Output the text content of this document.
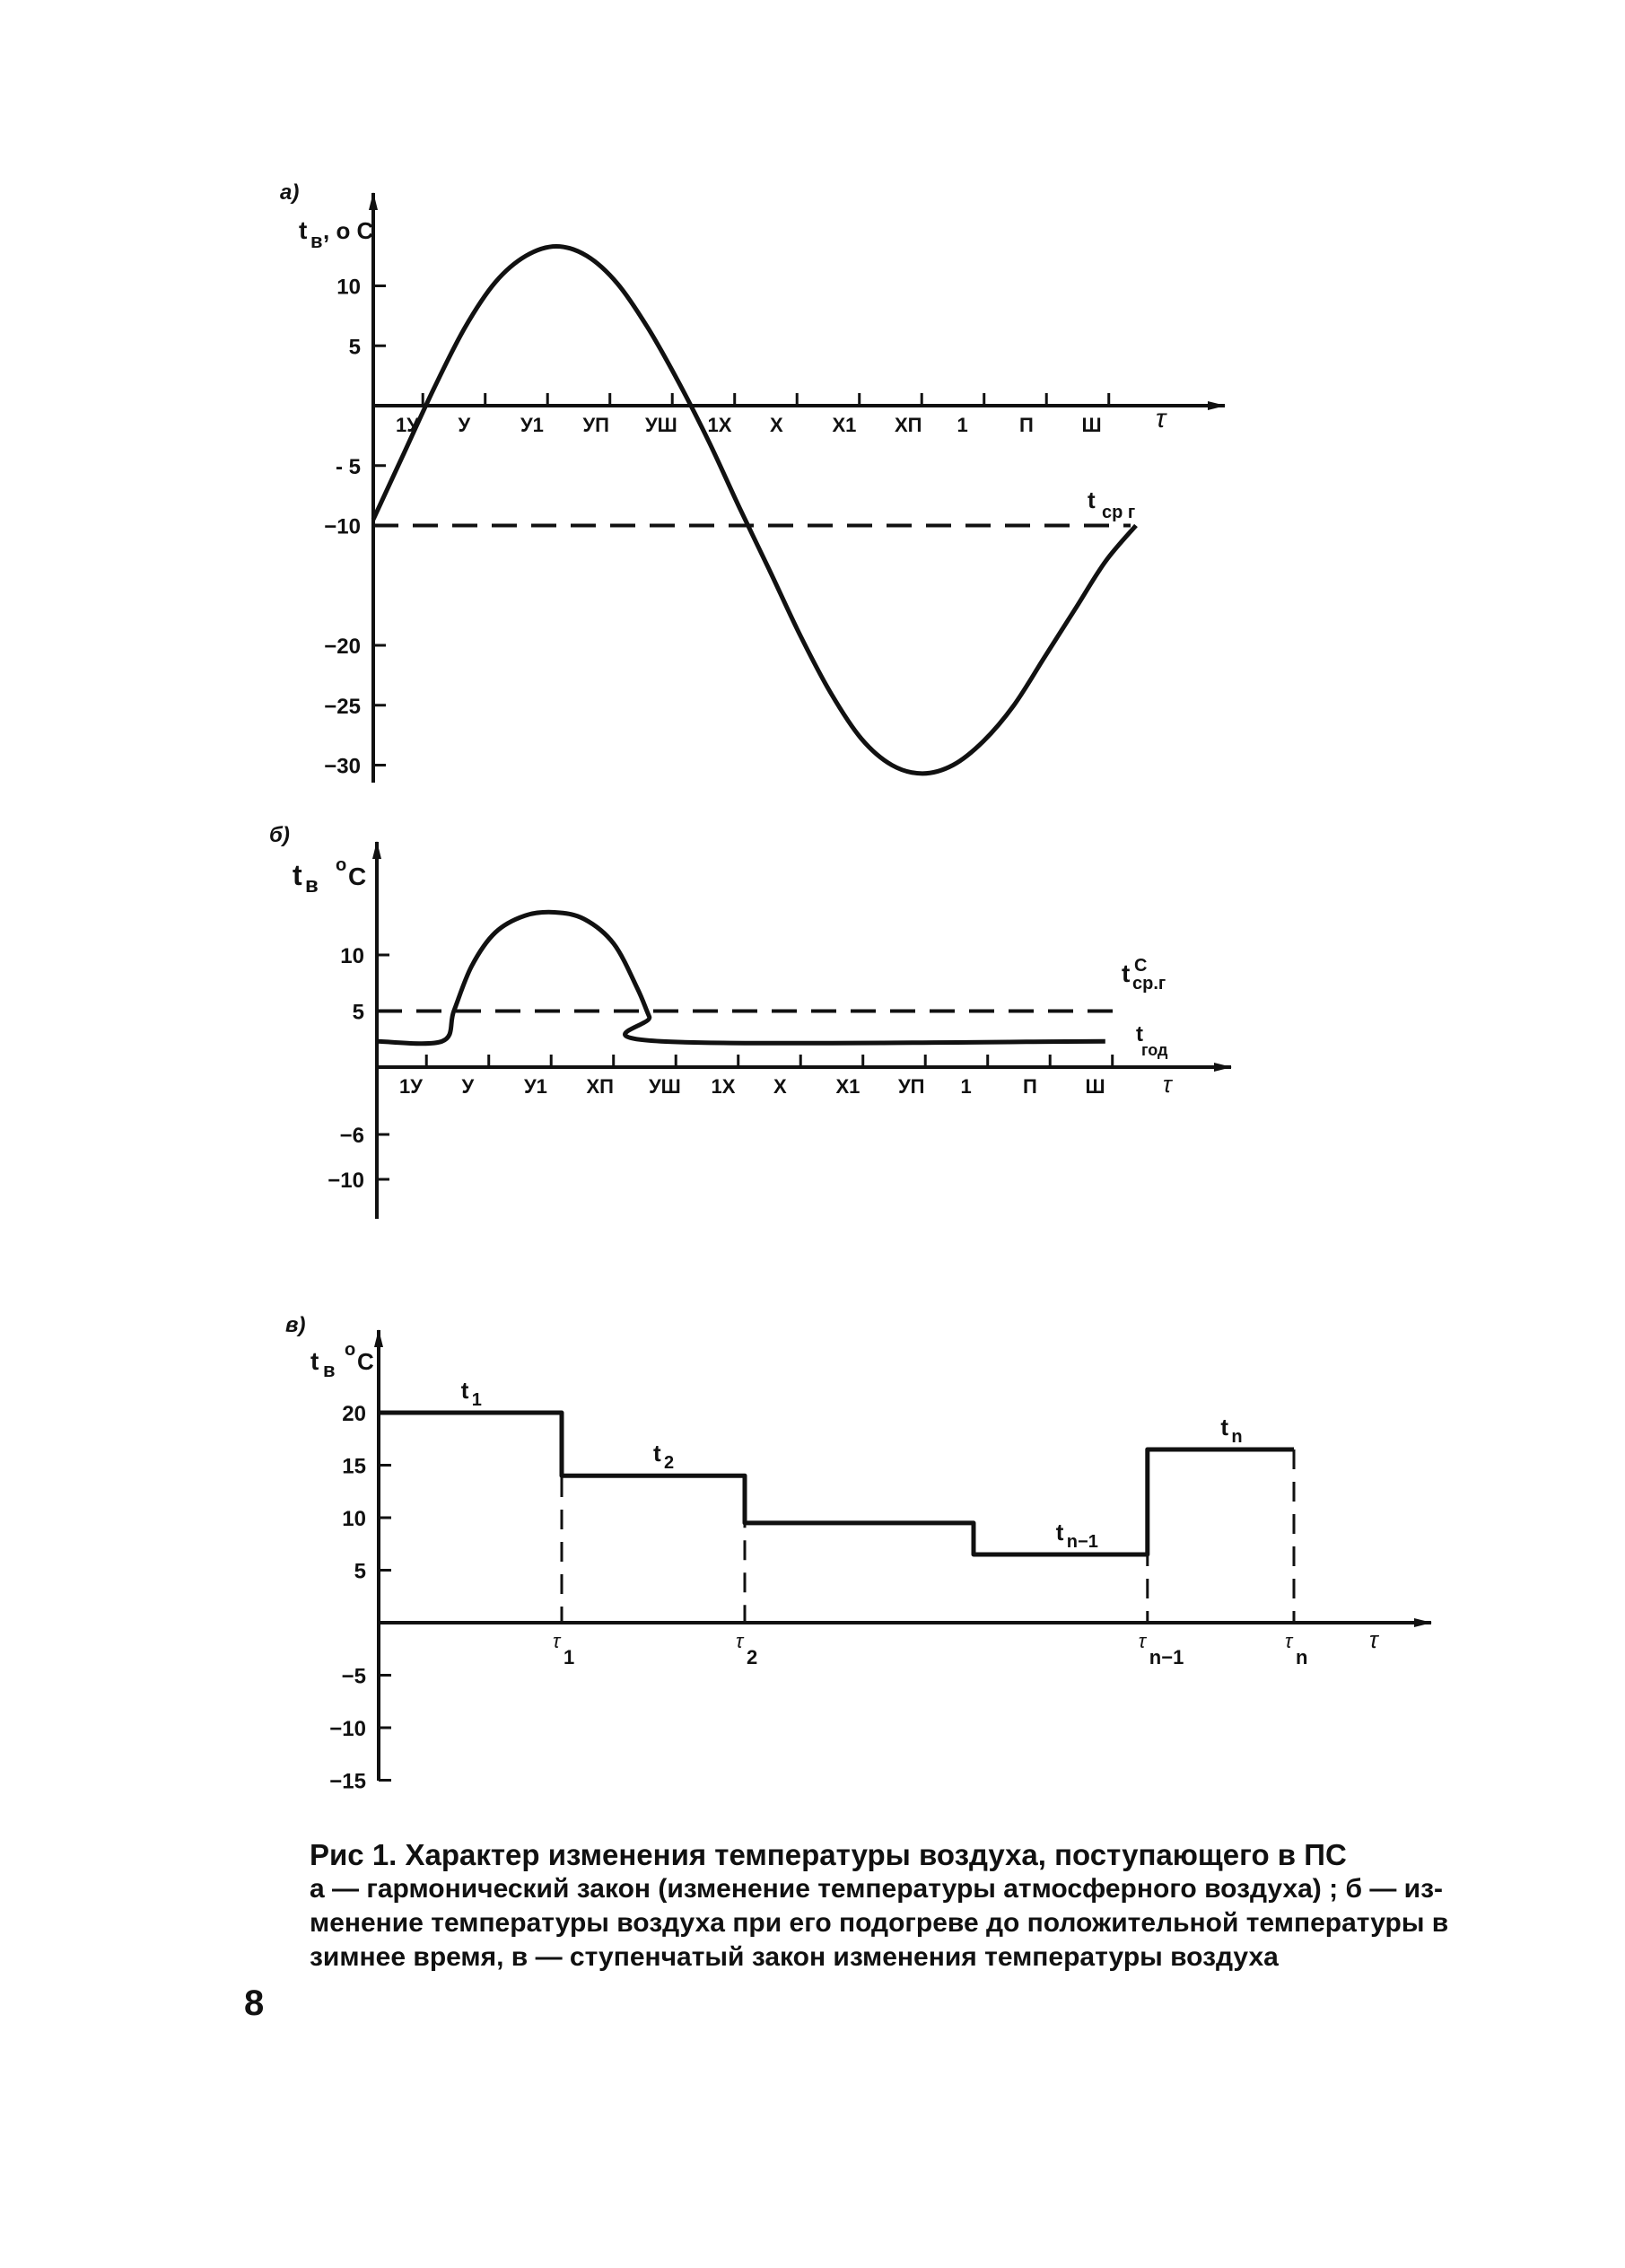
а)
t в , о C
10
5
- 5
−10
−20
−25
−30
1У У	У1 УП УШ 1Х Х Х1 ХП 1	П Ш
t ср г
τ
б)
t в
о C
10
5
−6
−10
1У У	У1 ХП УШ 1Х Х Х1 УП 1	П Ш
t С
ср.г
t
год
τ
в)
t в
о C
20
15
10
5
−5
−10
−15
τ
1
τ
2
τ
n−1
τ
n
t 1
t 2
t n−1
t n
τ

Рис 1. Характер изменения температуры воздуха, поступающего в ПС

а — гармонический закон (изменение температуры атмосферного воздуха) ; б — из-

менение температуры воздуха при его подогреве до положительной температуры в

зимнее время, в — ступенчатый закон изменения температуры воздуха

8
